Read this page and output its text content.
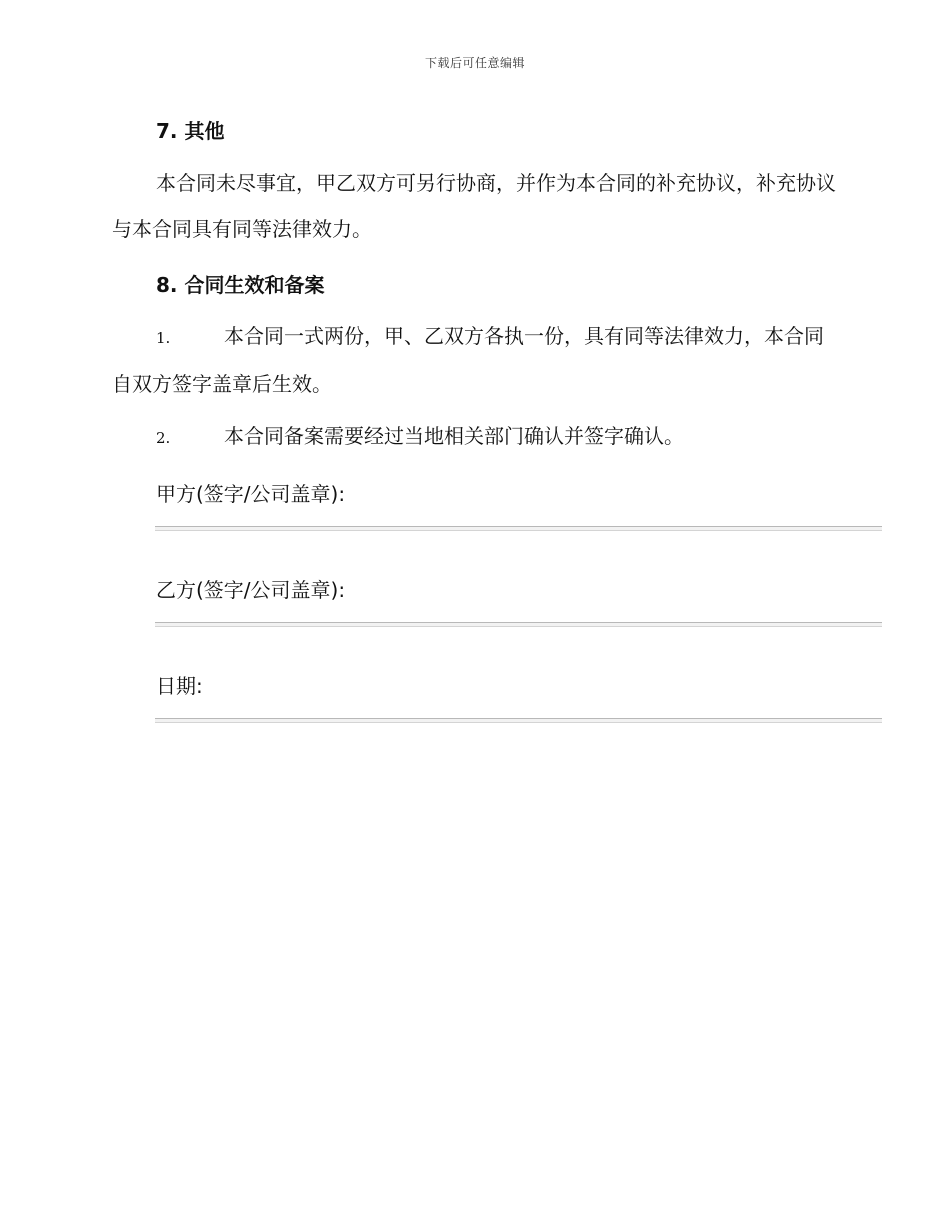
下载后可任意编辑
7. 其他
本合同未尽事宜，甲乙双方可另行协商，并作为本合同的补充协议，补充协议与本合同具有同等法律效力。
8. 合同生效和备案
1.	本合同一式两份，甲、乙双方各执一份，具有同等法律效力，本合同自双方签字盖章后生效。
2.	本合同备案需要经过当地相关部门确认并签字确认。
甲方(签字/公司盖章):
乙方(签字/公司盖章):
日期:
